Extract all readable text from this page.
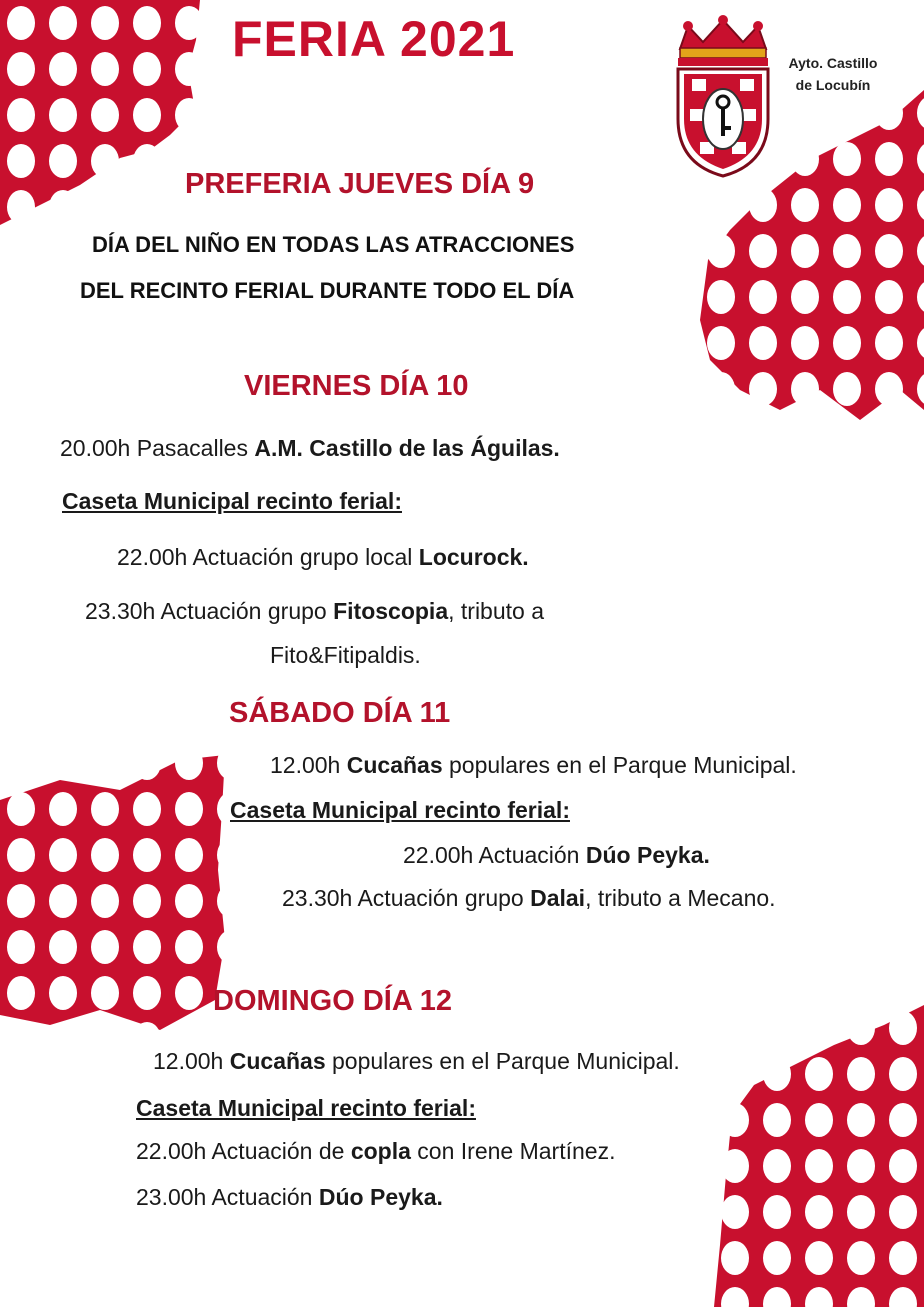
FERIA 2021	Ayto. Castillo
de Locubín
PREFERIA JUEVES DÍA 9
DÍA DEL NIÑO EN TODAS LAS ATRACCIONES
DEL RECINTO FERIAL DURANTE TODO EL DÍA
VIERNES DÍA 10
20.00h Pasacalles A.M. Castillo de las Águilas.
Caseta Municipal recinto ferial:
22.00h Actuación grupo local Locurock.
23.30h Actuación grupo Fitoscopia, tributo a
Fito&Fitipaldis.
SÁBADO DÍA 11
12.00h Cucañas populares en el Parque Municipal.
Caseta Municipal recinto ferial:
22.00h Actuación Dúo Peyka.
23.30h Actuación grupo Dalai, tributo a Mecano.
DOMINGO DÍA 12
12.00h Cucañas populares en el Parque Municipal.
Caseta Municipal recinto ferial:
22.00h Actuación de copla con Irene Martínez.
23.00h Actuación Dúo Peyka.
